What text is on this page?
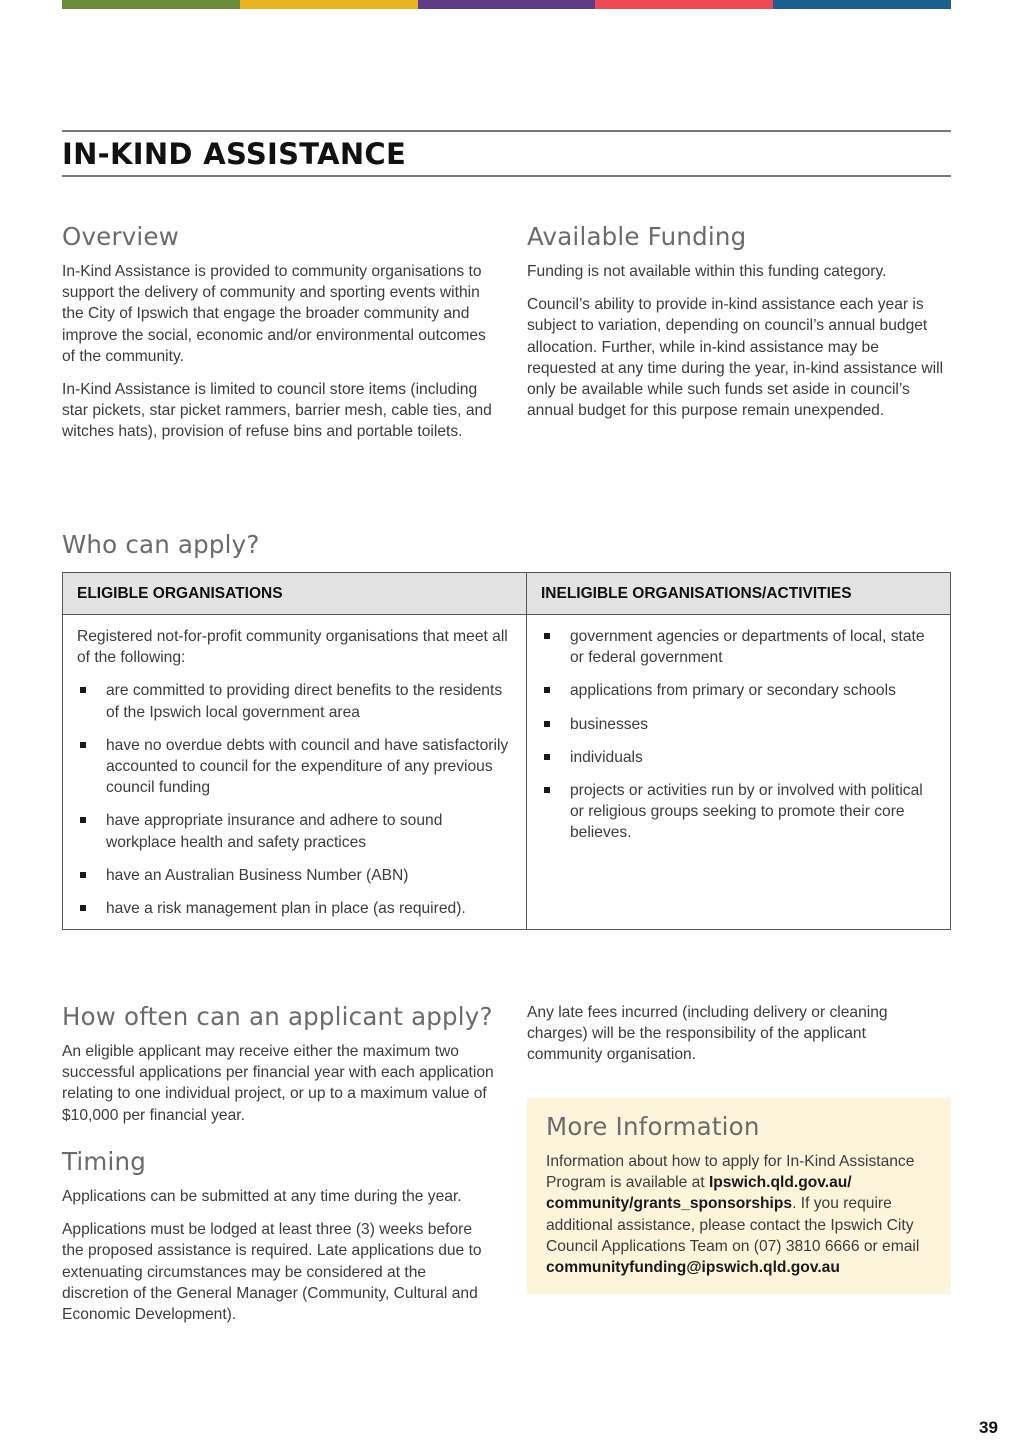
IN-KIND ASSISTANCE
Overview

In-Kind Assistance is provided to community organisations to support the delivery of community and sporting events within the City of Ipswich that engage the broader community and improve the social, economic and/or environmental outcomes of the community.

In-Kind Assistance is limited to council store items (including star pickets, star picket rammers, barrier mesh, cable ties, and witches hats), provision of refuse bins and portable toilets.

Available Funding

Funding is not available within this funding category.

Council’s ability to provide in-kind assistance each year is subject to variation, depending on council’s annual budget allocation. Further, while in-kind assistance may be requested at any time during the year, in-kind assistance will only be available while such funds set aside in council’s annual budget for this purpose remain unexpended.

Who can apply?
ELIGIBLE ORGANISATIONS	INELIGIBLE ORGANISATIONS/ACTIVITIES

Registered not-for-profit community organisations that meet all of the following:

are committed to providing direct benefits to the residents of the Ipswich local government area
have no overdue debts with council and have satisfactorily accounted to council for the expenditure of any previous council funding
have appropriate insurance and adhere to sound workplace health and safety practices
have an Australian Business Number (ABN)
have a risk management plan in place (as required).
government agencies or departments of local, state or federal government
applications from primary or secondary schools
businesses
individuals
projects or activities run by or involved with political or religious groups seeking to promote their core believes.
How often can an applicant apply?

An eligible applicant may receive either the maximum two successful applications per financial year with each application relating to one individual project, or up to a maximum value of $10,000 per financial year.

Timing

Applications can be submitted at any time during the year.

Applications must be lodged at least three (3) weeks before the proposed assistance is required. Late applications due to extenuating circumstances may be considered at the discretion of the General Manager (Community, Cultural and Economic Development).

Any late fees incurred (including delivery or cleaning charges) will be the responsibility of the applicant community organisation.

More Information

Information about how to apply for In-Kind Assistance Program is available at Ipswich.qld.gov.au/ community/grants_sponsorships. If you require additional assistance, please contact the Ipswich City Council Applications Team on (07) 3810 6666 or email communityfunding@ipswich.qld.gov.au

39
